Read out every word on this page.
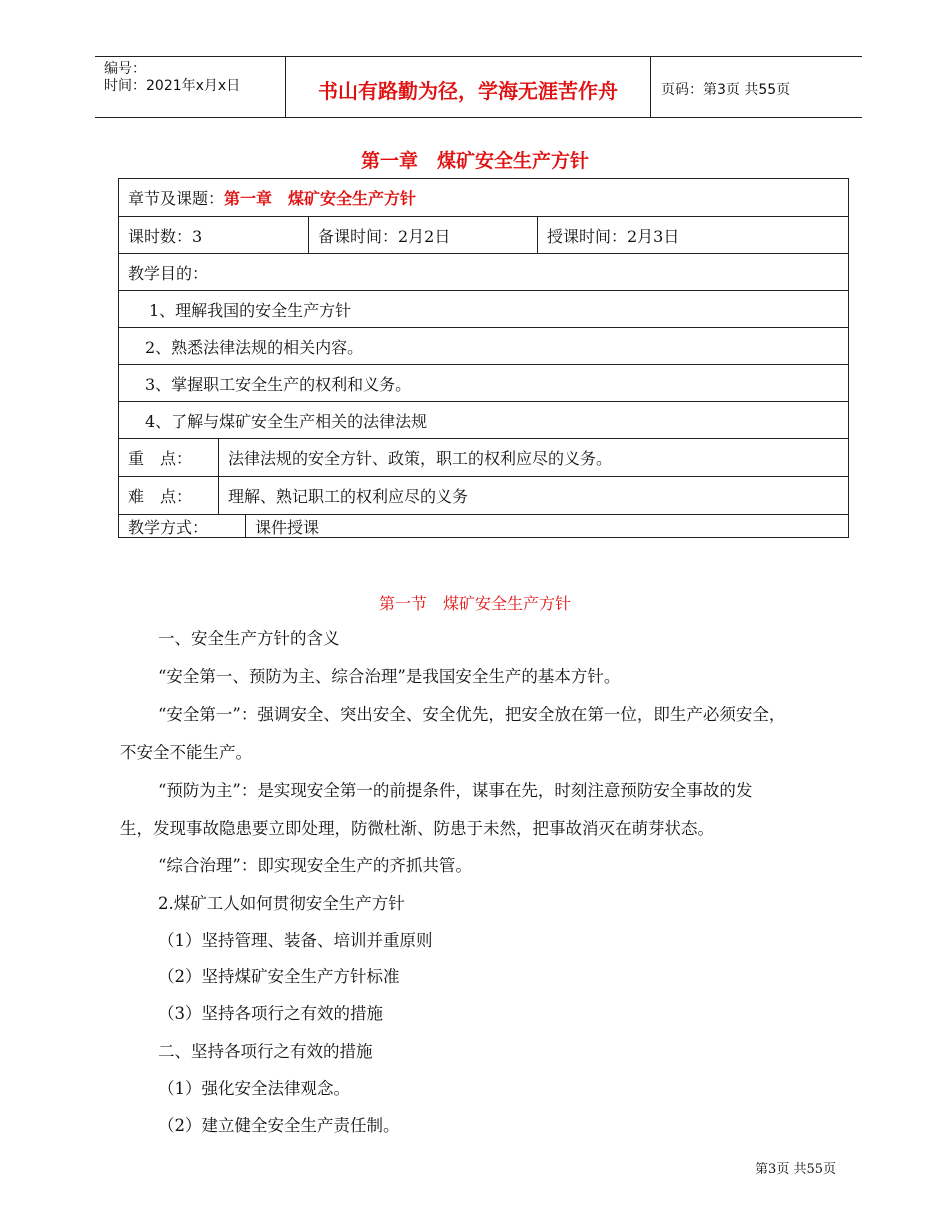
编号：
时间：2021年x月x日	书山有路勤为径，学海无涯苦作舟	页码：第3页 共55页
第一章　煤矿安全生产方针
章节及课题： 第一章　煤矿安全生产方针
课时数：3	备课时间：2月2日	授课时间：2月3日
教学目的：
1、理解我国的安全生产方针
2、熟悉法律法规的相关内容。
3、掌握职工安全生产的权利和义务。
4、了解与煤矿安全生产相关的法律法规
重　点：	法律法规的安全方针、政策，职工的权利应尽的义务。
难　点：	理解、熟记职工的权利应尽的义务
教学方式：	课件授课
第一节　煤矿安全生产方针
一、安全生产方针的含义
“安全第一、预防为主、综合治理”是我国安全生产的基本方针。
“安全第一”：强调安全、突出安全、安全优先，把安全放在第一位，即生产必须安全，
不安全不能生产。
“预防为主”：是实现安全第一的前提条件，谋事在先，时刻注意预防安全事故的发
生，发现事故隐患要立即处理，防微杜渐、防患于未然，把事故消灭在萌芽状态。
“综合治理”：即实现安全生产的齐抓共管。
2.煤矿工人如何贯彻安全生产方针
（1）坚持管理、装备、培训并重原则
（2）坚持煤矿安全生产方针标准
（3）坚持各项行之有效的措施
二、坚持各项行之有效的措施
（1）强化安全法律观念。
（2）建立健全安全生产责任制。
第3页 共55页
